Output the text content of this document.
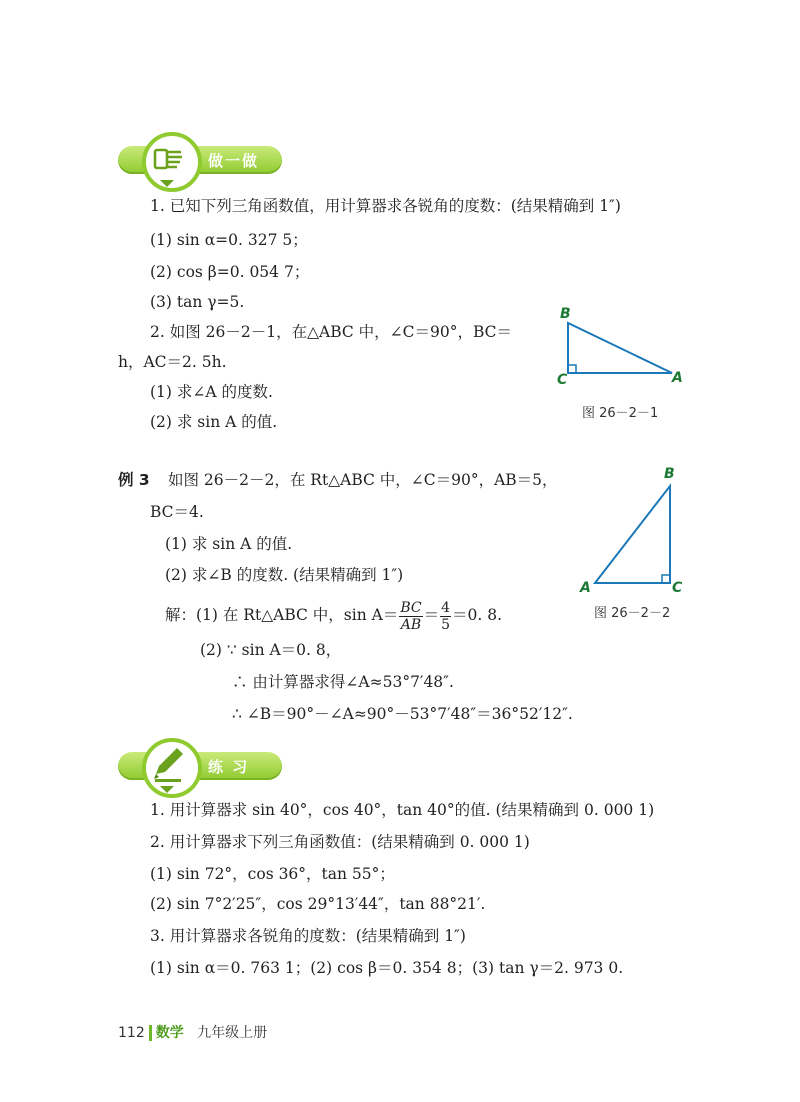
做一做
1. 已知下列三角函数值，用计算器求各锐角的度数：(结果精确到 1″)
(1) sin α=0. 327 5；
(2) cos β=0. 054 7；
(3) tan γ=5.
2. 如图 26－2－1，在△ABC 中，∠C＝90°，BC＝
h，AC＝2. 5h.
(1) 求∠A 的度数.
(2) 求 sin A 的值.
B
C	A
图 26－2－1
例 3 如图 26－2－2，在 Rt△ABC 中，∠C＝90°，AB＝5，
BC＝4.
(1) 求 sin A 的值.
(2) 求∠B 的度数. (结果精确到 1″)
解：(1) 在 Rt△ABC 中，$\sin A= \frac{BC}{AB} = \frac{4}{5} =0$. 8.
(2) ∵ sin A＝0. 8，
∴ 由计算器求得∠A≈53°7′48″.
∴ ∠B＝90°－∠A≈90°－53°7′48″＝36°52′12″.
B
A	C
图 26－2－2
练 习
1. 用计算器求 sin 40°，cos 40°，tan 40°的值. (结果精确到 0. 000 1)
2. 用计算器求下列三角函数值：(结果精确到 0. 000 1)
(1) sin 72°，cos 36°，tan 55°；
(2) sin 7°2′25″，cos 29°13′44″，tan 88°21′.
3. 用计算器求各锐角的度数：(结果精确到 1″)
(1) sin α＝0. 763 1；(2) cos β＝0. 354 8；(3) tan γ＝2. 973 0.
112 数学 九年级上册
